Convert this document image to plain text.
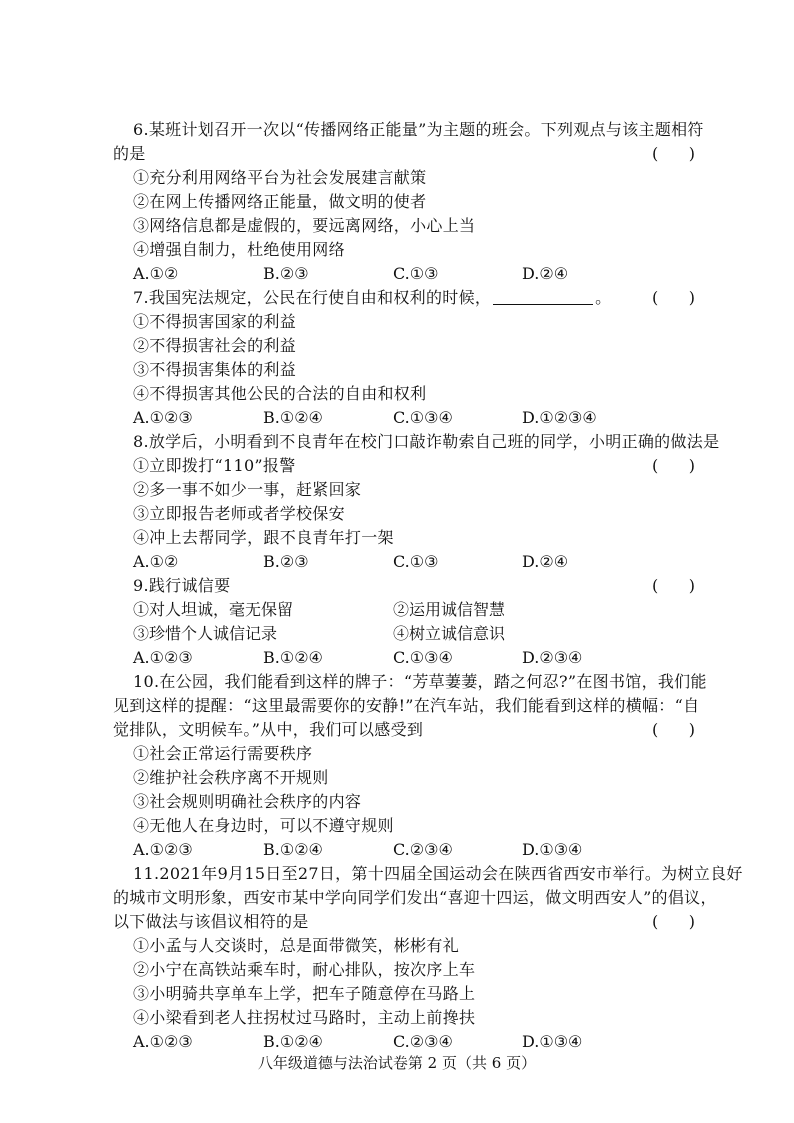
6.某班计划召开一次以“传播网络正能量”为主题的班会。下列观点与该主题相符
的是	(      )
①充分利用网络平台为社会发展建言献策
②在网上传播网络正能量，做文明的使者
③网络信息都是虚假的，要远离网络，小心上当
④增强自制力，杜绝使用网络
A.①②	B.②③	C.①③	D.②④
7.我国宪法规定，公民在行使自由和权利的时候，	。	(      )
①不得损害国家的利益
②不得损害社会的利益
③不得损害集体的利益
④不得损害其他公民的合法的自由和权利
A.①②③	B.①②④	C.①③④	D.①②③④
8.放学后，小明看到不良青年在校门口敲诈勒索自己班的同学，小明正确的做法是
①立即拨打“110”报警	(      )
②多一事不如少一事，赶紧回家
③立即报告老师或者学校保安
④冲上去帮同学，跟不良青年打一架
A.①②	B.②③	C.①③	D.②④
9.践行诚信要	(      )
①对人坦诚，毫无保留	②运用诚信智慧
③珍惜个人诚信记录	④树立诚信意识
A.①②③	B.①②④	C.①③④	D.②③④
10.在公园，我们能看到这样的牌子：“芳草萋萋，踏之何忍?”在图书馆，我们能
见到这样的提醒：“这里最需要你的安静!”在汽车站，我们能看到这样的横幅：“自
觉排队，文明候车。”从中，我们可以感受到	(      )
①社会正常运行需要秩序
②维护社会秩序离不开规则
③社会规则明确社会秩序的内容
④无他人在身边时，可以不遵守规则
A.①②③	B.①②④	C.②③④	D.①③④
11.2021年9月15日至27日，第十四届全国运动会在陕西省西安市举行。为树立良好
的城市文明形象，西安市某中学向同学们发出“喜迎十四运，做文明西安人”的倡议，
以下做法与该倡议相符的是	(      )
①小孟与人交谈时，总是面带微笑，彬彬有礼
②小宁在高铁站乘车时，耐心排队，按次序上车
③小明骑共享单车上学，把车子随意停在马路上
④小梁看到老人拄拐杖过马路时，主动上前搀扶
A.①②③	B.①②④	C.②③④	D.①③④
八年级道德与法治试卷第 2 页（共 6 页）
